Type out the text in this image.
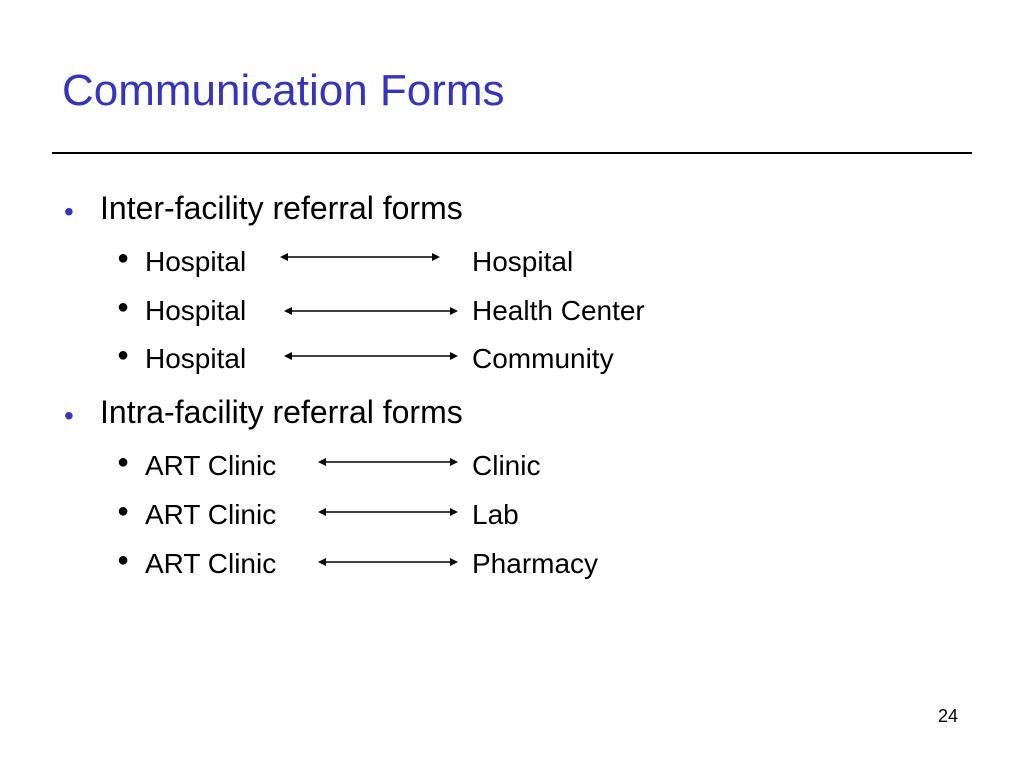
Communication Forms
• Inter-facility referral forms
● Hospital	Hospital
● Hospital	Health Center
● Hospital	Community
• Intra-facility referral forms
● ART Clinic	Clinic
● ART Clinic	Lab
● ART Clinic	Pharmacy
24
